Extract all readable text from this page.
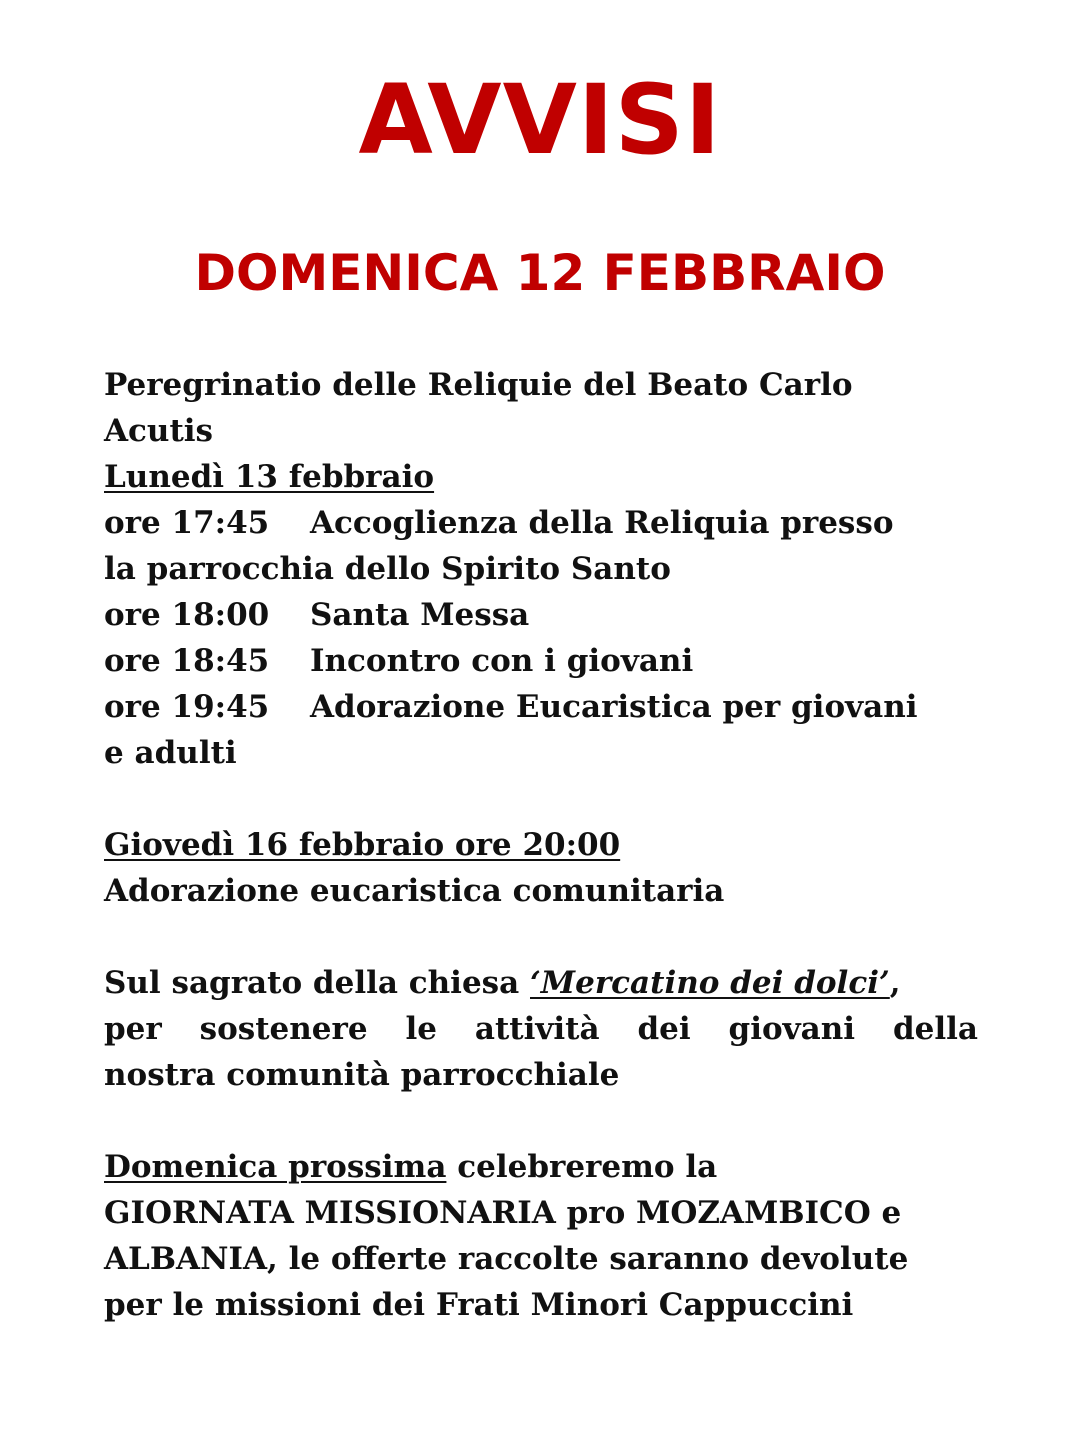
AVVISI
DOMENICA 12 FEBBRAIO
Peregrinatio delle Reliquie del Beato Carlo
Acutis
Lunedì 13 febbraio
ore 17:45 Accoglienza della Reliquia presso
la parrocchia dello Spirito Santo
ore 18:00 Santa Messa
ore 18:45 Incontro con i giovani
ore 19:45 Adorazione Eucaristica per giovani
e adulti
Giovedì 16 febbraio ore 20:00
Adorazione eucaristica comunitaria
Sul sagrato della chiesa ‘Mercatino dei dolci’,
per sostenere le attività dei giovani della
nostra comunità parrocchiale
Domenica prossima celebreremo la
GIORNATA MISSIONARIA pro MOZAMBICO e
ALBANIA, le offerte raccolte saranno devolute
per le missioni dei Frati Minori Cappuccini
